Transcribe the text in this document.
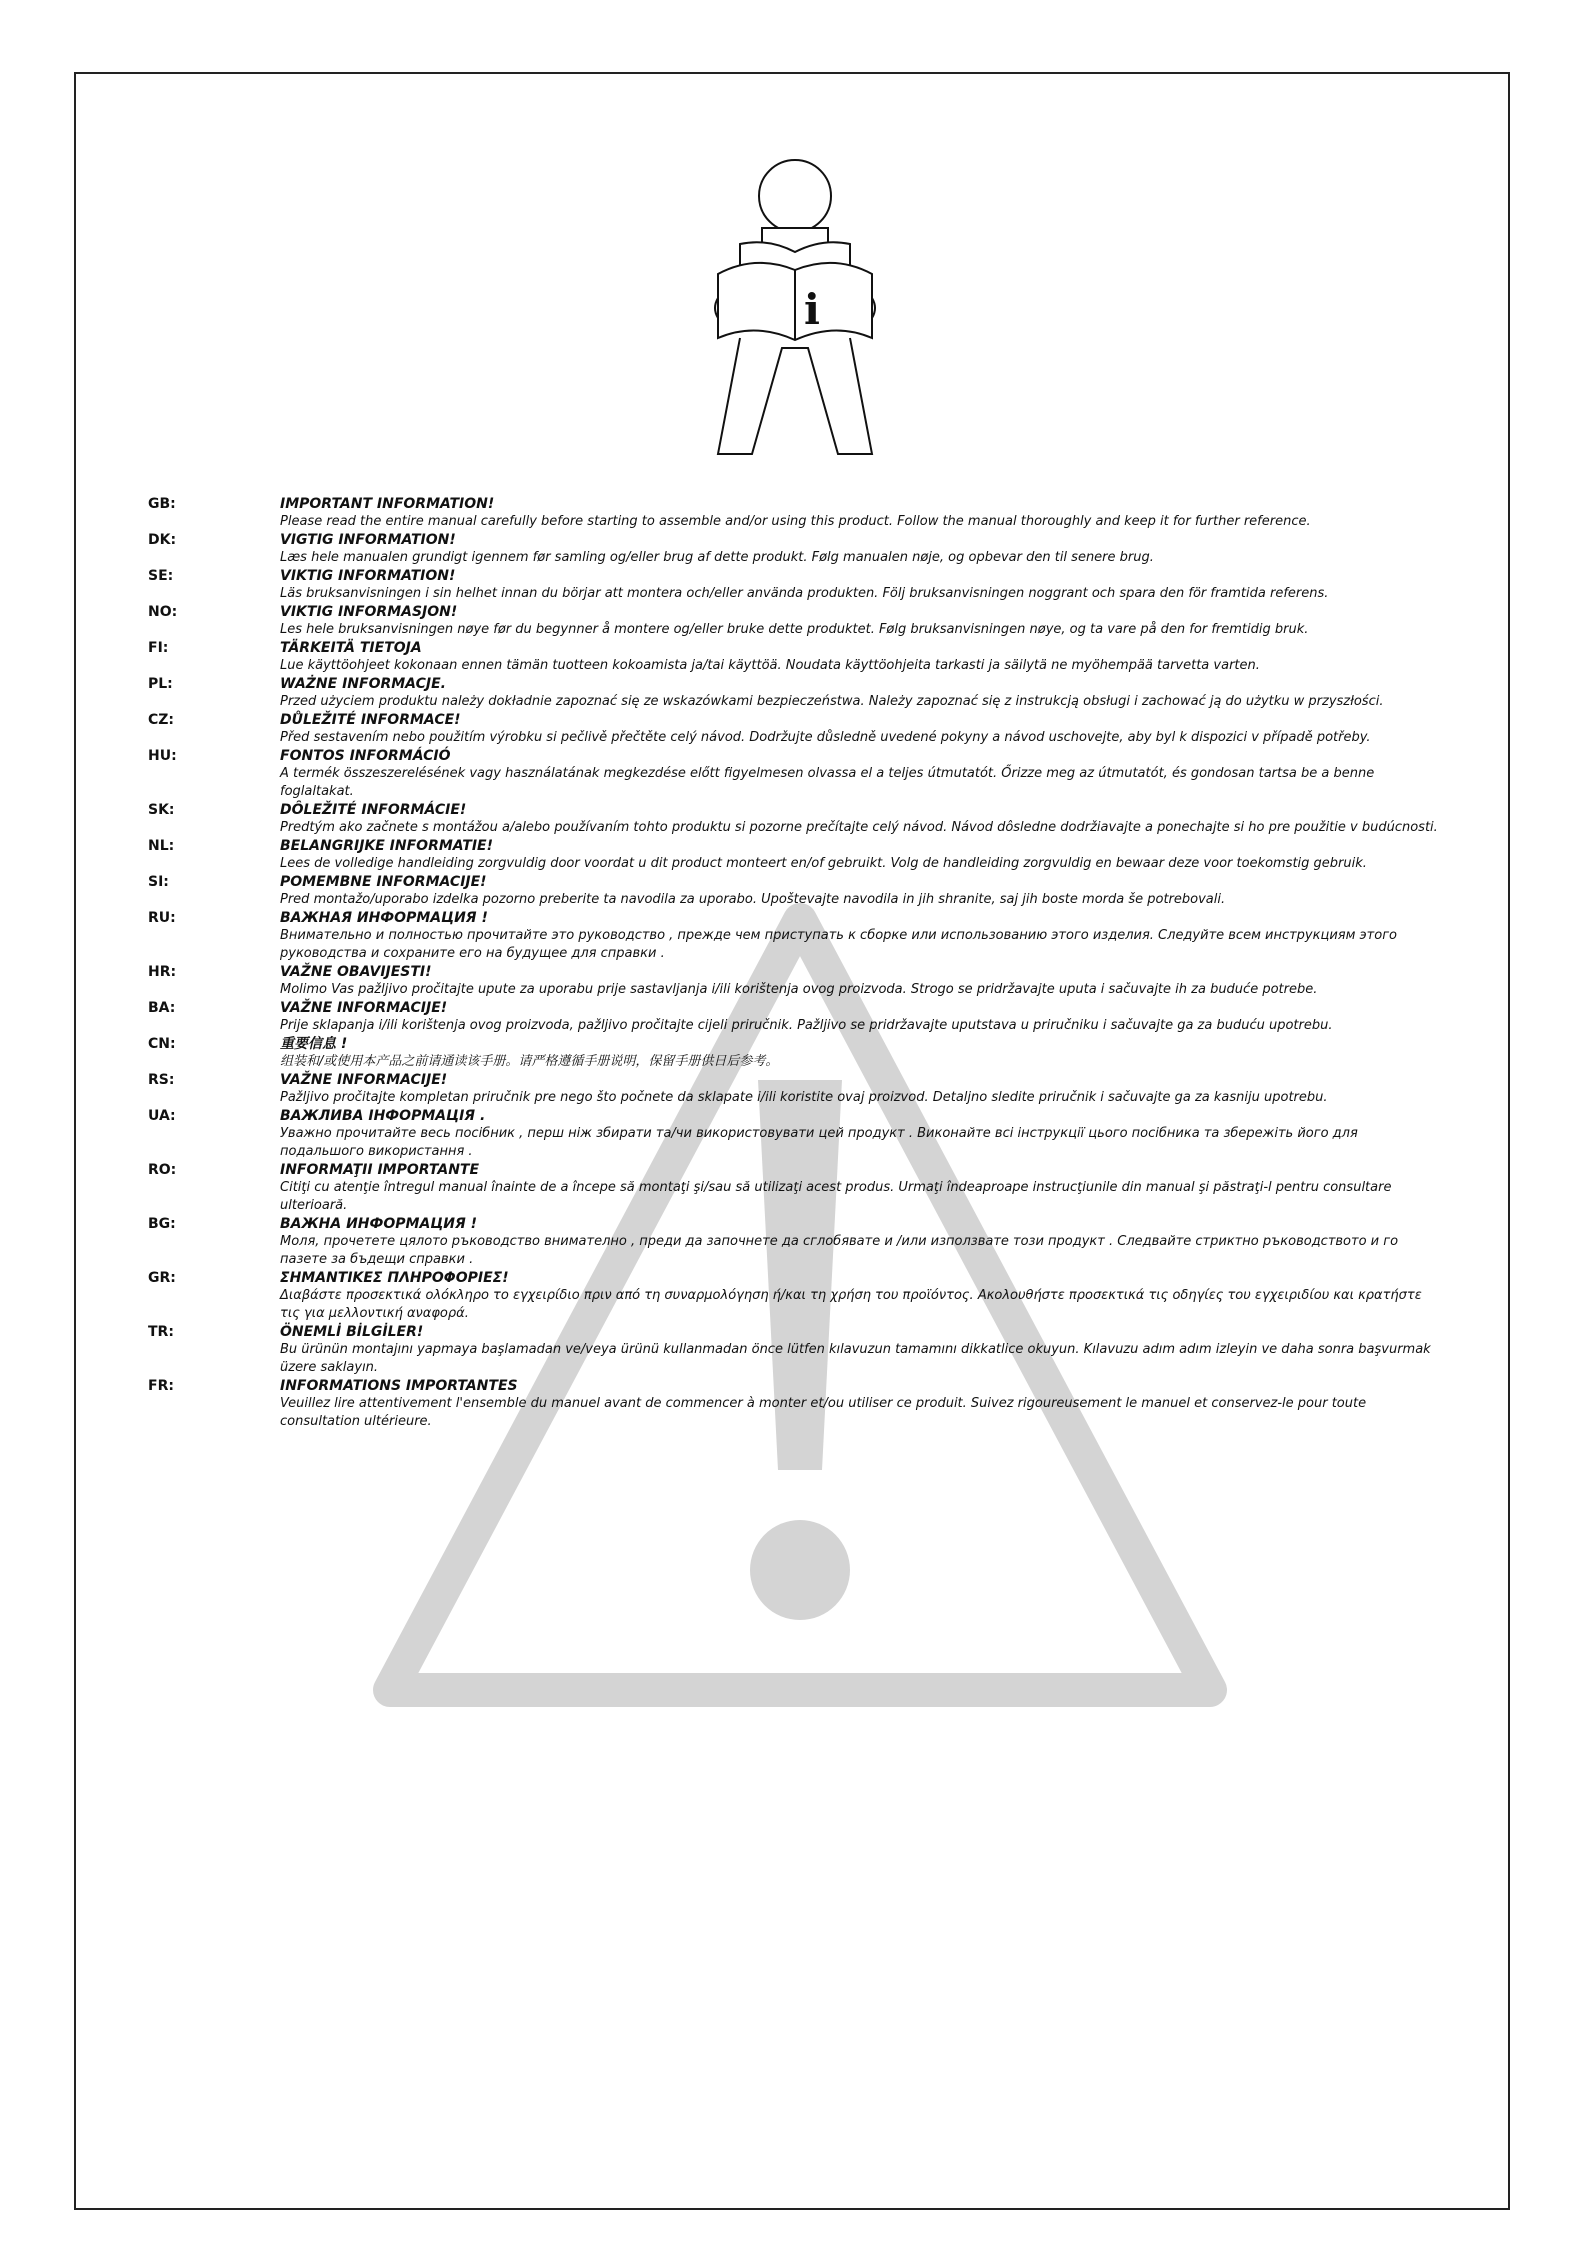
i
GB:	IMPORTANT INFORMATION!
Please read the entire manual carefully before starting to assemble and/or using this product. Follow the manual thoroughly and keep it for further reference.
DK:	VIGTIG INFORMATION!
Læs hele manualen grundigt igennem før samling og/eller brug af dette produkt. Følg manualen nøje, og opbevar den til senere brug.
SE:	VIKTIG INFORMATION!
Läs bruksanvisningen i sin helhet innan du börjar att montera och/eller använda produkten. Följ bruksanvisningen noggrant och spara den för framtida referens.
NO:	VIKTIG INFORMASJON!
Les hele bruksanvisningen nøye før du begynner å montere og/eller bruke dette produktet. Følg bruksanvisningen nøye, og ta vare på den for fremtidig bruk.
FI:	TÄRKEITÄ TIETOJA
Lue käyttöohjeet kokonaan ennen tämän tuotteen kokoamista ja/tai käyttöä. Noudata käyttöohjeita tarkasti ja säilytä ne myöhempää tarvetta varten.
PL:	WAŻNE INFORMACJE.
Przed użyciem produktu należy dokładnie zapoznać się ze wskazówkami bezpieczeństwa. Należy zapoznać się z instrukcją obsługi i zachować ją do użytku w przyszłości.
CZ:	DŮLEŽITÉ INFORMACE!
Před sestavením nebo použitím výrobku si pečlivě přečtěte celý návod. Dodržujte důsledně uvedené pokyny a návod uschovejte, aby byl k dispozici v případě potřeby.
HU:	FONTOS INFORMÁCIÓ
A termék összeszerelésének vagy használatának megkezdése előtt figyelmesen olvassa el a teljes útmutatót. Őrizze meg az útmutatót, és gondosan tartsa be a benne foglaltakat.
SK:	DÔLEŽITÉ INFORMÁCIE!
Predtým ako začnete s montážou a/alebo používaním tohto produktu si pozorne prečítajte celý návod. Návod dôsledne dodržiavajte a ponechajte si ho pre použitie v budúcnosti.
NL:	BELANGRIJKE INFORMATIE!
Lees de volledige handleiding zorgvuldig door voordat u dit product monteert en/of gebruikt. Volg de handleiding zorgvuldig en bewaar deze voor toekomstig gebruik.
SI:	POMEMBNE INFORMACIJE!
Pred montažo/uporabo izdelka pozorno preberite ta navodila za uporabo. Upoštevajte navodila in jih shranite, saj jih boste morda še potrebovali.
RU:	ВАЖНАЯ ИНФОРМАЦИЯ !
Внимательно и полностью прочитайте это руководство , прежде чем приступать к сборке или использованию этого изделия. Следуйте всем инструкциям этого руководства и сохраните его на будущее для справки .
HR:	VAŽNE OBAVIJESTI!
Molimo Vas pažljivo pročitajte upute za uporabu prije sastavljanja i/ili korištenja ovog proizvoda. Strogo se pridržavajte uputa i sačuvajte ih za buduće potrebe.
BA:	VAŽNE INFORMACIJE!
Prije sklapanja i/ili korištenja ovog proizvoda, pažljivo pročitajte cijeli priručnik. Pažljivo se pridržavajte uputstava u priručniku i sačuvajte ga za buduću upotrebu.
CN:	重要信息 !
组装和/或使用本产品之前请通读该手册。请严格遵循手册说明，保留手册供日后参考。
RS:	VAŽNE INFORMACIJE!
Pažljivo pročitajte kompletan priručnik pre nego što počnete da sklapate i/ili koristite ovaj proizvod. Detaljno sledite priručnik i sačuvajte ga za kasniju upotrebu.
UA:	ВАЖЛИВА ІНФОРМАЦІЯ .
Уважно прочитайте весь посібник , перш ніж збирати та/чи використовувати цей продукт . Виконайте всі інструкції цього посібника та збережіть його для подальшого використання .
RO:	INFORMAŢII IMPORTANTE
Citiţi cu atenţie întregul manual înainte de a începe să montaţi şi/sau să utilizaţi acest produs. Urmaţi îndeaproape instrucţiunile din manual şi păstraţi-l pentru consultare ulterioară.
BG:	ВАЖНА ИНФОРМАЦИЯ !
Моля, прочетете цялото ръководство внимателно , преди да започнете да сглобявате и /или използвате този продукт . Следвайте стриктно ръководството и го пазете за бъдещи справки .
GR:	ΣΗΜΑΝΤΙΚΕΣ ΠΛΗΡΟΦΟΡΙΕΣ!
Διαβάστε προσεκτικά ολόκληρο το εγχειρίδιο πριν από τη συναρμολόγηση ή/και τη χρήση του προϊόντος. Ακολουθήστε προσεκτικά τις οδηγίες του εγχειριδίου και κρατήστε τις για μελλοντική αναφορά.
TR:	ÖNEMLİ BİLGİLER!
Bu ürünün montajını yapmaya başlamadan ve/veya ürünü kullanmadan önce lütfen kılavuzun tamamını dikkatlice okuyun. Kılavuzu adım adım izleyin ve daha sonra başvurmak üzere saklayın.
FR:	INFORMATIONS IMPORTANTES
Veuillez lire attentivement l'ensemble du manuel avant de commencer à monter et/ou utiliser ce produit. Suivez rigoureusement le manuel et conservez-le pour toute consultation ultérieure.
